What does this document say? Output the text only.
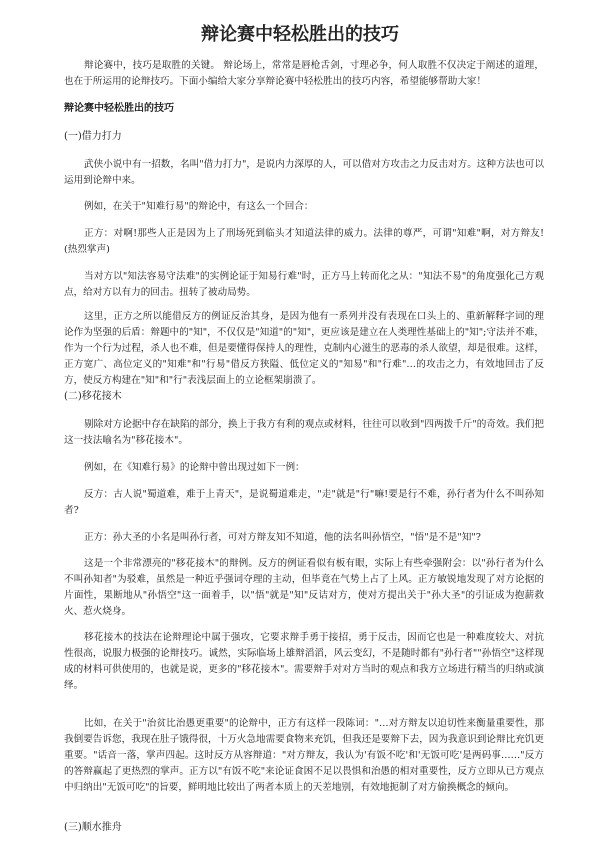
辩论赛中轻松胜出的技巧
辩论赛中，技巧是取胜的关键。 辩论场上，常常是唇枪舌剑，寸理必争，何人取胜不仅决定于阐述的道理，也在于所运用的论辩技巧。下面小编给大家分享辩论赛中轻松胜出的技巧内容，希望能够帮助大家！
辩论赛中轻松胜出的技巧
(一)借力打力
武侠小说中有一招数，名叫"借力打力"，是说内力深厚的人，可以借对方攻击之力反击对方。这种方法也可以运用到论辩中来。
例如，在关于"知难行易"的辩论中，有这么一个回合：
正方：对啊!那些人正是因为上了刑场死到临头才知道法律的威力。法律的尊严，可谓"知难"啊，对方辩友!(热烈掌声)
当对方以"知法容易守法难"的实例论证于知易行难"时，正方马上转而化之从："知法不易"的角度强化己方观点，给对方以有力的回击。扭转了被动局势。
这里，正方之所以能借反方的例证反治其身，是因为他有一系列并没有表现在口头上的、重新解释字词的理论作为坚强的后盾：辩题中的"知"，不仅仅是"知道"的"知"，更应该是建立在人类理性基础上的"知";守法并不难，作为一个行为过程，杀人也不难，但是要懂得保持人的理性，克制内心滋生的恶毒的杀人欲望，却是很难。这样，正方宽广、高位定义的"知难"和"行易"借反方狭隘、低位定义的"知易"和"行难"…的攻击之力，有效地回击了反方，使反方构建在"知"和"行"表浅层面上的立论框架崩溃了。
(二)移花接木
剔除对方论据中存在缺陷的部分，换上于我方有利的观点或材料，往往可以收到"四两拨千斤"的奇效。我们把这一技法喻名为"移花接木"。
例如，在《知难行易》的论辩中曾出现过如下一例：
反方：古人说"蜀道难，难于上青天"，是说蜀道难走，"走"就是"行"嘛!要是行不难，孙行者为什么不叫孙知者?
正方：孙大圣的小名是叫孙行者，可对方辩友知不知道，他的法名叫孙悟空，"悟"是不是"知"?
这是一个非常漂亮的"移花接木"的辩例。反方的例证看似有板有眼，实际上有些牵强附会：以"孙行者为什么不叫孙知者"为驳难，虽然是一种近乎强词夺理的主动，但毕竟在气势上占了上风。正方敏锐地发现了对方论据的片面性，果断地从"孙悟空"这一面着手，以"悟"就是"知"反诘对方，使对方提出关于"孙大圣"的引证成为抱薪救火、惹火烧身。
移花接木的技法在论辩理论中属于强攻，它要求辩手勇于接招，勇于反击，因而它也是一种难度较大、对抗性很高，说服力极强的论辩技巧。诚然，实际临场上雄辩滔滔，风云变幻，不是随时都有"孙行者""孙悟空"这样现成的材料可供使用的，也就是说，更多的"移花接木"。需要辩手对对方当时的观点和我方立场进行精当的归纳或演绎。
比如，在关于"治贫比治愚更重要"的论辩中，正方有这样一段陈词："…对方辩友以迫切性来衡量重要性，那我倒要告诉您，我现在肚子饿得很，十万火急地需要食物来充饥，但我还是要辩下去，因为我意识到论辩比充饥更重要。"话音一落，掌声四起。这时反方从容辩道："对方辩友，我认为'有饭不吃'和'无饭可吃'是两码事……"反方的答辩赢起了更热烈的掌声。正方以"有饭不吃"来论证食困不足以畏惧和治愚的相对重要性，反方立即从已方观点中归纳出"无饭可吃"的旨要，鲜明地比较出了两者本质上的天差地别，有效地扼制了对方偷换概念的倾向。
(三)顺水推舟
